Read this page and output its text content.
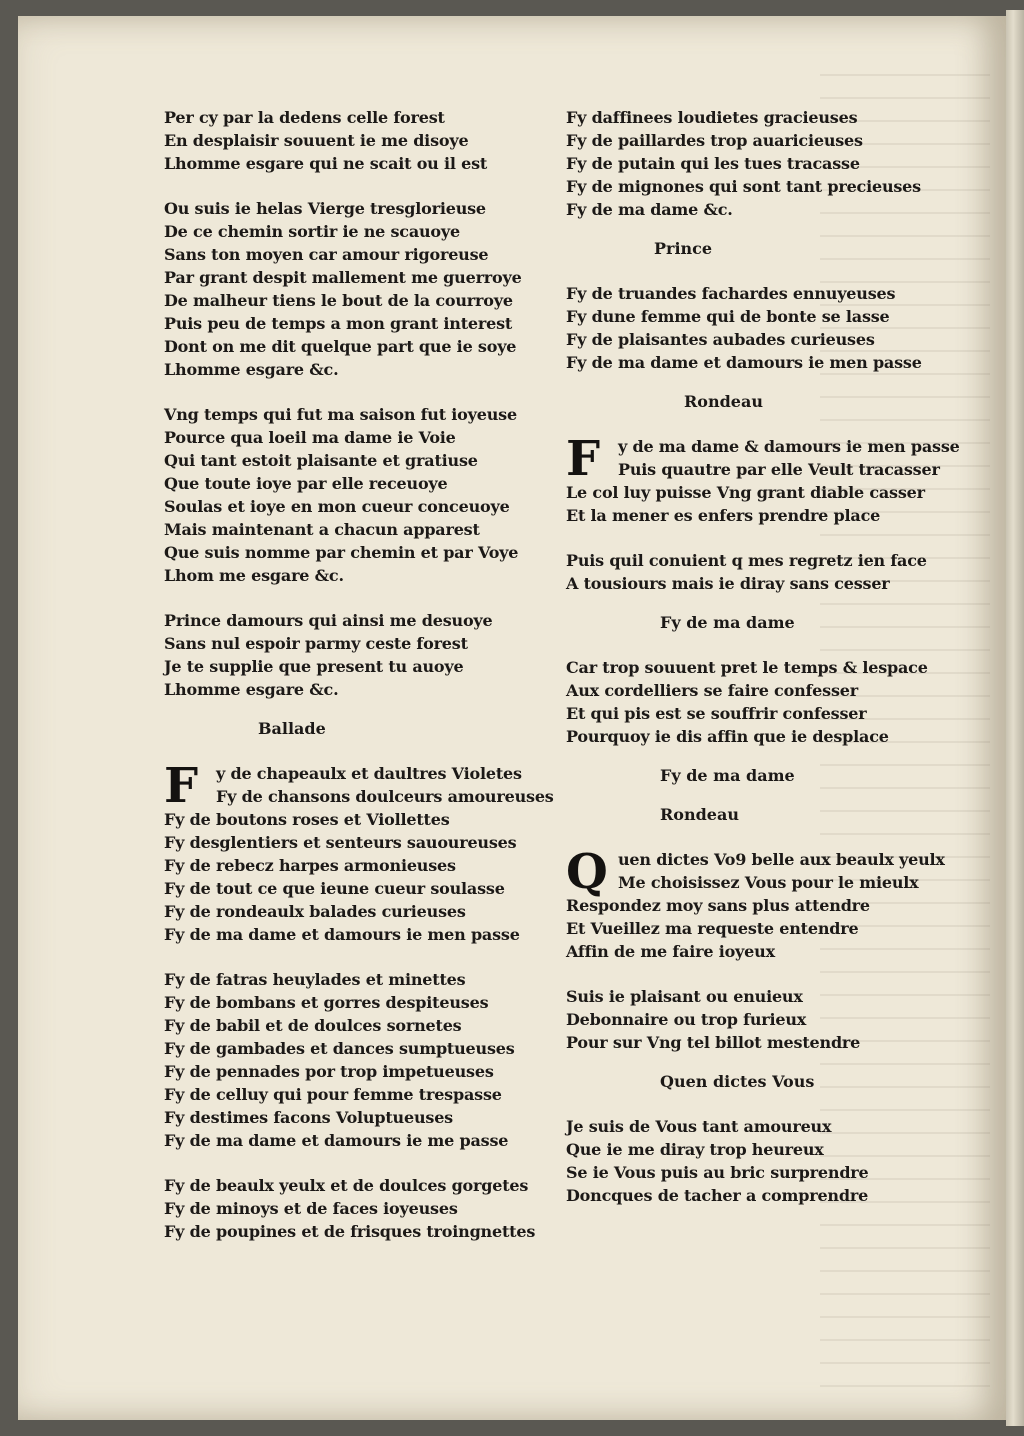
Per cy par la dedens celle forest
En desplaisir souuent ie me disoye
Lhomme esgare qui ne scait ou il est
Ou suis ie helas Vierge tresglorieuse
De ce chemin sortir ie ne scauoye
Sans ton moyen car amour rigoreuse
Par grant despit mallement me guerroye
De malheur tiens le bout de la courroye
Puis peu de temps a mon grant interest
Dont on me dit quelque part que ie soye
Lhomme esgare &c.
Vng temps qui fut ma saison fut ioyeuse
Pource qua loeil ma dame ie Voie
Qui tant estoit plaisante et gratiuse
Que toute ioye par elle receuoye
Soulas et ioye en mon cueur conceuoye
Mais maintenant a chacun apparest
Que suis nomme par chemin et par Voye
Lhom me esgare &c.
Prince damours qui ainsi me desuoye
Sans nul espoir parmy ceste forest
Je te supplie que present tu auoye
Lhomme esgare &c.
Ballade
F	y de chapeaulx et daultres Violetes
Fy de chansons doulceurs amoureuses
Fy de boutons roses et Viollettes
Fy desglentiers et senteurs sauoureuses
Fy de rebecz harpes armonieuses
Fy de tout ce que ieune cueur soulasse
Fy de rondeaulx balades curieuses
Fy de ma dame et damours ie men passe
Fy de fatras heuylades et minettes
Fy de bombans et gorres despiteuses
Fy de babil et de doulces sornetes
Fy de gambades et dances sumptueuses
Fy de pennades por trop impetueuses
Fy de celluy qui pour femme trespasse
Fy destimes facons Voluptueuses
Fy de ma dame et damours ie me passe
Fy de beaulx yeulx et de doulces gorgetes
Fy de minoys et de faces ioyeuses
Fy de poupines et de frisques troingnettes
Fy daffinees loudietes gracieuses
Fy de paillardes trop auaricieuses
Fy de putain qui les tues tracasse
Fy de mignones qui sont tant precieuses
Fy de ma dame &c.
Prince
Fy de truandes fachardes ennuyeuses
Fy dune femme qui de bonte se lasse
Fy de plaisantes aubades curieuses
Fy de ma dame et damours ie men passe
Rondeau
F	y de ma dame & damours ie men passe
Puis quautre par elle Veult tracasser
Le col luy puisse Vng grant diable casser
Et la mener es enfers prendre place
Puis quil conuient q mes regretz ien face
A tousiours mais ie diray sans cesser
Fy de ma dame
Car trop souuent pret le temps & lespace
Aux cordelliers se faire confesser
Et qui pis est se souffrir confesser
Pourquoy ie dis affin que ie desplace
Fy de ma dame
Rondeau
Q uen dictes Vo9 belle aux beaulx yeulx
Me choisissez Vous pour le mieulx
Respondez moy sans plus attendre
Et Vueillez ma requeste entendre
Affin de me faire ioyeux
Suis ie plaisant ou enuieux
Debonnaire ou trop furieux
Pour sur Vng tel billot mestendre
Quen dictes Vous
Je suis de Vous tant amoureux
Que ie me diray trop heureux
Se ie Vous puis au bric surprendre
Doncques de tacher a comprendre
